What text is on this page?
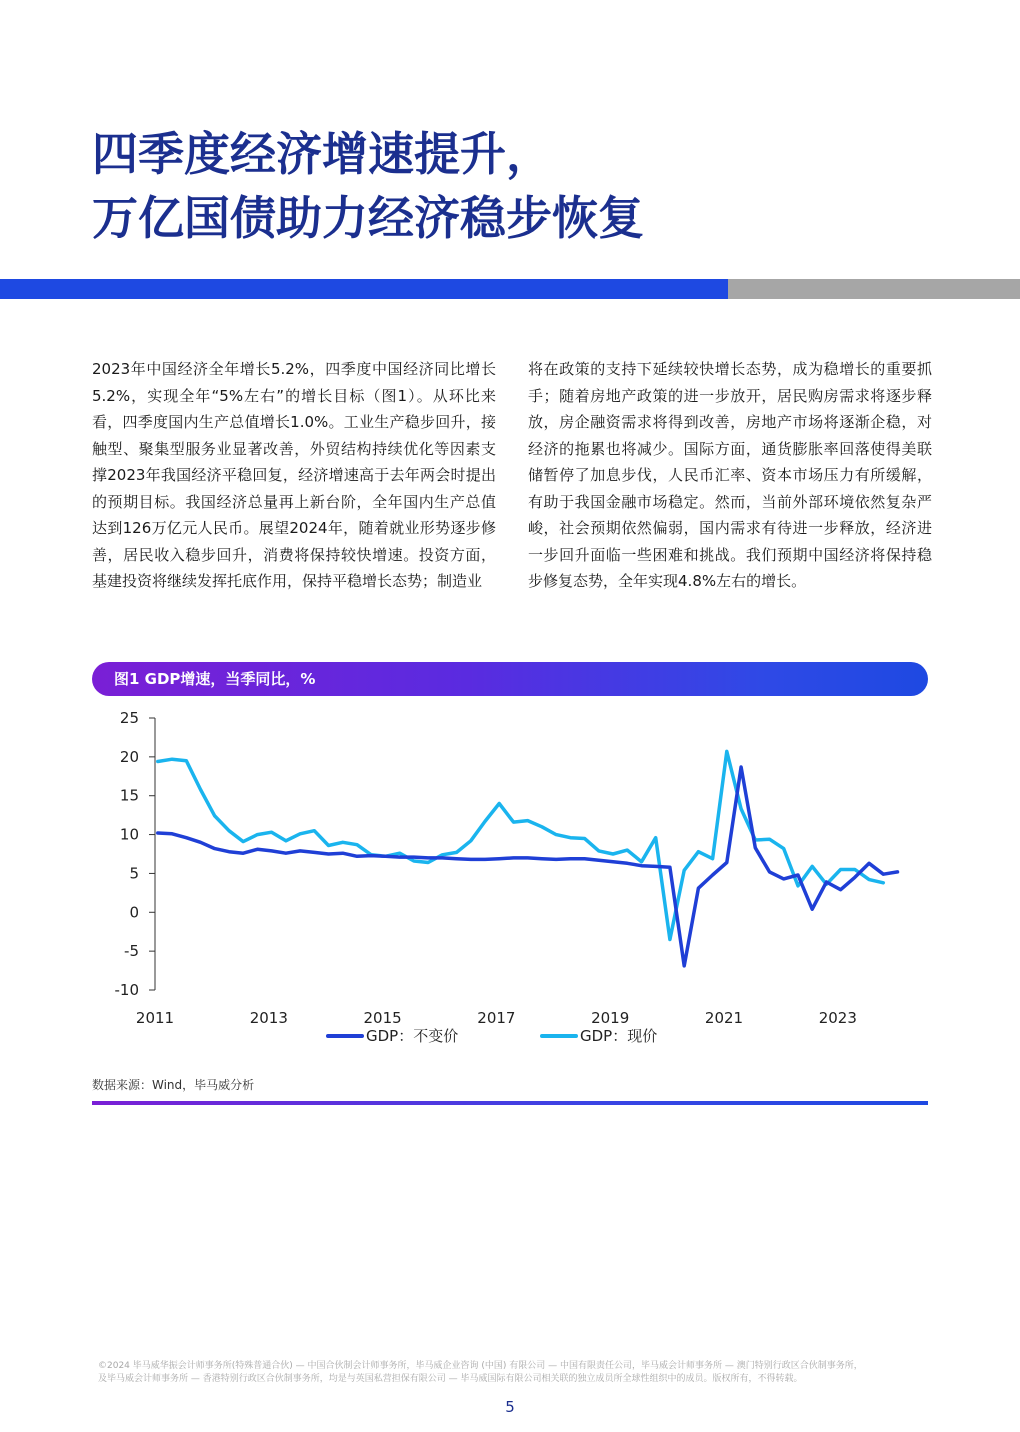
四季度经济增速提升，
万亿国债助力经济稳步恢复
2023年中国经济全年增长5.2%，四季度中国经济同比增长5.2%，实现全年“5%左右”的增长目标（图1）。从环比来看，四季度国内生产总值增长1.0%。工业生产稳步回升，接触型、聚集型服务业显著改善，外贸结构持续优化等因素支撑2023年我国经济平稳回复，经济增速高于去年两会时提出的预期目标。我国经济总量再上新台阶，全年国内生产总值达到126万亿元人民币。展望2024年，随着就业形势逐步修善，居民收入稳步回升，消费将保持较快增速。投资方面，基建投资将继续发挥托底作用，保持平稳增长态势；制造业
将在政策的支持下延续较快增长态势，成为稳增长的重要抓手；随着房地产政策的进一步放开，居民购房需求将逐步释放，房企融资需求将得到改善，房地产市场将逐渐企稳，对经济的拖累也将减少。国际方面，通货膨胀率回落使得美联储暂停了加息步伐，人民币汇率、资本市场压力有所缓解，有助于我国金融市场稳定。然而，当前外部环境依然复杂严峻，社会预期依然偏弱，国内需求有待进一步释放，经济进一步回升面临一些困难和挑战。我们预期中国经济将保持稳步修复态势，全年实现4.8%左右的增长。
图1 GDP增速，当季同比，%
-10
-5
0
5
10
15
20
25
2011	2013	2015	2017	2019	2021	2023
GDP：不变价	GDP：现价
数据来源：Wind，毕马威分析
©2024 毕马威华振会计师事务所(特殊普通合伙) — 中国合伙制会计师事务所，毕马威企业咨询 (中国) 有限公司 — 中国有限责任公司，毕马威会计师事务所 — 澳门特别行政区合伙制事务所，
及毕马威会计师事务所 — 香港特别行政区合伙制事务所，均是与英国私营担保有限公司 — 毕马威国际有限公司相关联的独立成员所全球性组织中的成员。版权所有，不得转载。
5
